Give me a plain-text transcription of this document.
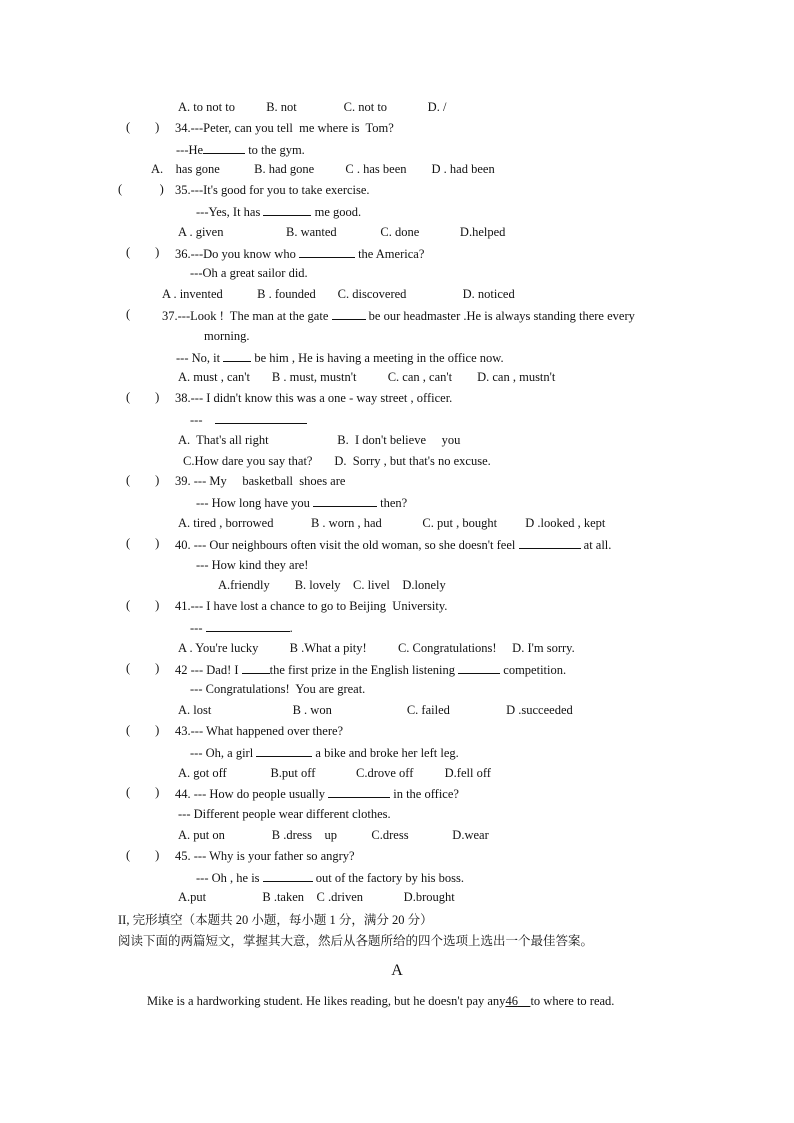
A. to not to          B. not               C. not to             D. /
(        ) 34.---Peter, can you tell  me where is  Tom?
---He	to the gym.
A.    has gone           B. had gone          C . has been        D . had been
(            ) 35.---It's good for you to take exercise.
---Yes, It has	me good.
A . given                    B. wanted              C. done             D.helped
(        ) 36.---Do you know who	the America?
---Oh a great sailor did.
A . invented           B . founded       C. discovered                  D. noticed
(	37.---Look !  The man at the gate	be our headmaster .He is always standing there every
morning.
--- No, it  be him , He is having a meeting in the office now.
A. must , can't       B . must, mustn't          C. can , can't        D. can , mustn't
(        ) 38.--- I didn't know this was a one - way street , officer.
---
A.  That's all right                      B.  I don't believe     you
C.How dare you say that?       D.  Sorry , but that's no excuse.
(        ) 39. --- My     basketball  shoes are
--- How long have you	then?
A. tired , borrowed            B . worn , had             C. put , bought         D .looked , kept
(        ) 40. --- Our neighbours often visit the old woman, so she doesn't feel	at all.
--- How kind they are!
A.friendly        B. lovely    C. livel    D.lonely
(        ) 41.--- I have lost a chance to go to Beijing  University.
---	.
A . You're lucky          B .What a pity!          C. Congratulations!     D. I'm sorry.
(        ) 42 --- Dad! I the first prize in the English listening	competition.
--- Congratulations!  You are great.
A. lost                          B . won                        C. failed                  D .succeeded
(        ) 43.--- What happened over there?
--- Oh, a girl	a bike and broke her left leg.
A. got off              B.put off             C.drove off          D.fell off
(        ) 44. --- How do people usually	in the office?
--- Different people wear different clothes.
A. put on               B .dress    up           C.dress              D.wear
(        ) 45. --- Why is your father so angry?
--- Oh , he is	out of the factory by his boss.
A.put                  B .taken    C .driven             D.brought
II, 完形填空（本题共 20 小题，每小题 1 分，满分 20 分）
阅读下面的两篇短文，掌握其大意，然后从各题所给的四个选项上选出一个最佳答案。
A
Mike is a hardworking student. He likes reading, but he doesn't pay any46 to where to read.
